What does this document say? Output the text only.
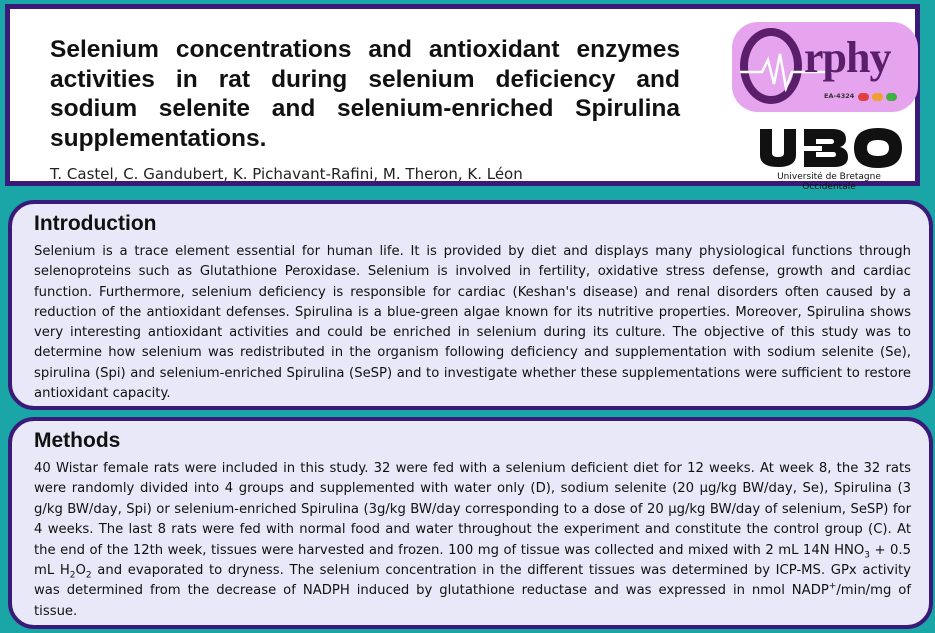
Selenium concentrations and antioxidant enzymes activities in rat during selenium deficiency and sodium selenite and selenium-enriched Spirulina supplementations.
T. Castel, C. Gandubert, K. Pichavant-Rafini, M. Theron, K. Léon
rphy
EA-4324
Université de Bretagne Occidentale
Introduction

Selenium is a trace element essential for human life. It is provided by diet and displays many physiological functions through selenoproteins such as Glutathione Peroxidase. Selenium is involved in fertility, oxidative stress defense, growth and cardiac function. Furthermore, selenium deficiency is responsible for cardiac (Keshan's disease) and renal disorders often caused by a reduction of the antioxidant defenses. Spirulina is a blue-green algae known for its nutritive properties. Moreover, Spirulina shows very interesting antioxidant activities and could be enriched in selenium during its culture. The objective of this study was to determine how selenium was redistributed in the organism following deficiency and supplementation with sodium selenite (Se), spirulina (Spi) and selenium-enriched Spirulina (SeSP) and to investigate whether these supplementations were sufficient to restore antioxidant capacity.

Methods

40 Wistar female rats were included in this study. 32 were fed with a selenium deficient diet for 12 weeks. At week 8, the 32 rats were randomly divided into 4 groups and supplemented with water only (D), sodium selenite (20 µg/kg BW/day, Se), Spirulina (3 g/kg BW/day, Spi) or selenium-enriched Spirulina (3g/kg BW/day corresponding to a dose of 20 µg/kg BW/day of selenium, SeSP) for 4 weeks. The last 8 rats were fed with normal food and water throughout the experiment and constitute the control group (C). At the end of the 12th week, tissues were harvested and frozen. 100 mg of tissue was collected and mixed with 2 mL 14N $HNO_3 + 0.5$ mL $H_2O_2$ and evaporated to dryness. The selenium concentration in the different tissues was determined by ICP-MS. GPx activity was determined from the decrease of NADPH induced by glutathione reductase and was expressed in nmol NADP+/min/mg of tissue.
